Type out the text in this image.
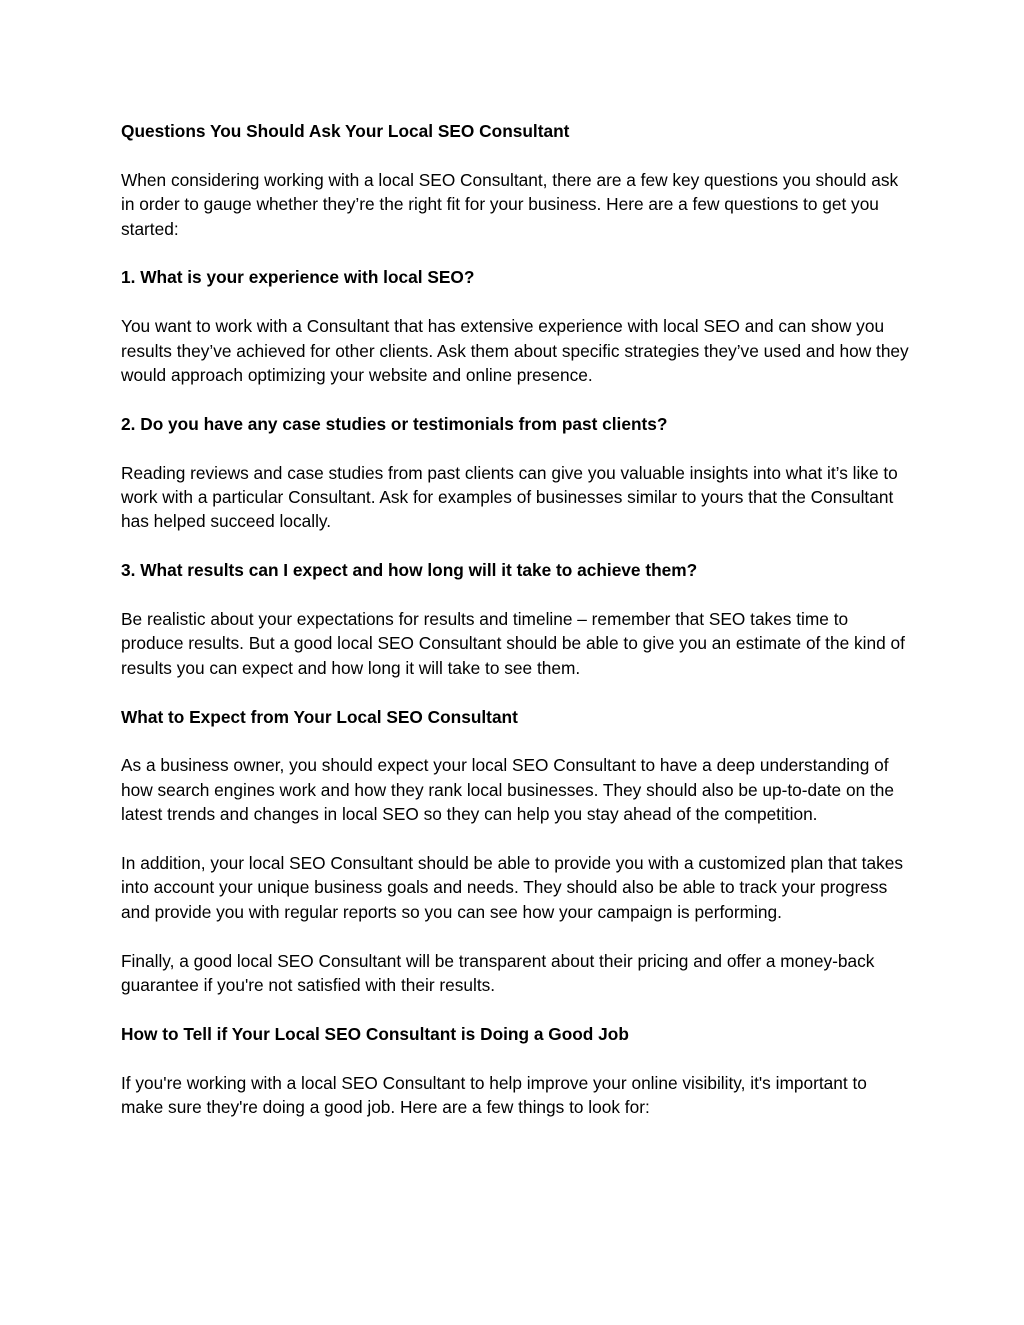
Questions You Should Ask Your Local SEO Consultant

When considering working with a local SEO Consultant, there are a few key questions you should ask in order to gauge whether they’re the right fit for your business. Here are a few questions to get you started:

1. What is your experience with local SEO?

You want to work with a Consultant that has extensive experience with local SEO and can show you results they’ve achieved for other clients. Ask them about specific strategies they’ve used and how they would approach optimizing your website and online presence.

2. Do you have any case studies or testimonials from past clients?

Reading reviews and case studies from past clients can give you valuable insights into what it’s like to work with a particular Consultant. Ask for examples of businesses similar to yours that the Consultant has helped succeed locally.

3. What results can I expect and how long will it take to achieve them?

Be realistic about your expectations for results and timeline – remember that SEO takes time to produce results. But a good local SEO Consultant should be able to give you an estimate of the kind of results you can expect and how long it will take to see them.

What to Expect from Your Local SEO Consultant

As a business owner, you should expect your local SEO Consultant to have a deep understanding of how search engines work and how they rank local businesses. They should also be up-to-date on the latest trends and changes in local SEO so they can help you stay ahead of the competition.

In addition, your local SEO Consultant should be able to provide you with a customized plan that takes into account your unique business goals and needs. They should also be able to track your progress and provide you with regular reports so you can see how your campaign is performing.

Finally, a good local SEO Consultant will be transparent about their pricing and offer a money-back guarantee if you're not satisfied with their results.

How to Tell if Your Local SEO Consultant is Doing a Good Job

If you're working with a local SEO Consultant to help improve your online visibility, it's important to make sure they're doing a good job. Here are a few things to look for:
